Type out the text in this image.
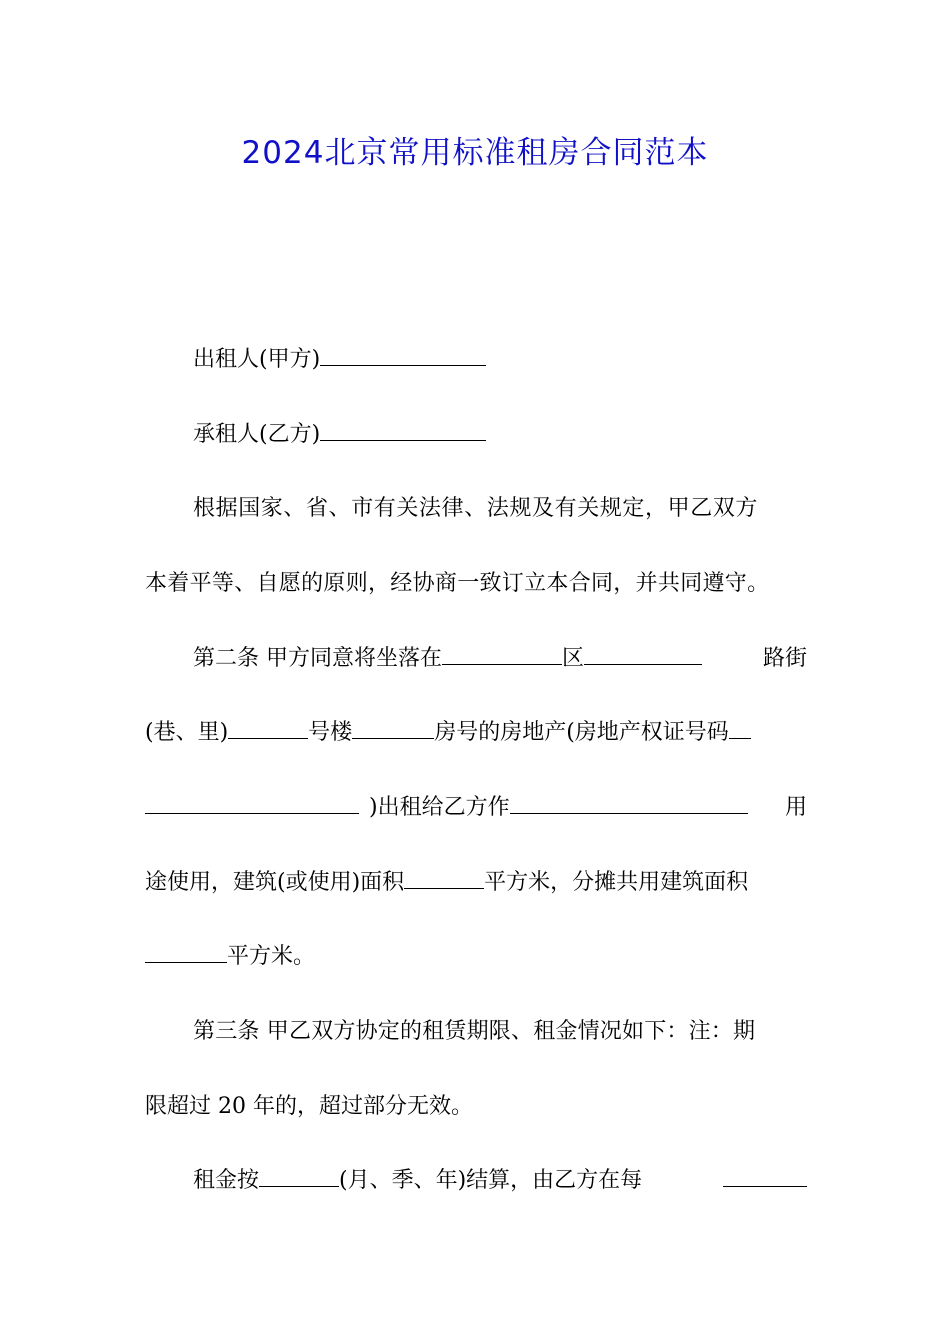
2024北京常用标准租房合同范本
出租人(甲方)
承租人(乙方)
根据国家、省、市有关法律、法规及有关规定，甲乙双方
本着平等、自愿的原则，经协商一致订立本合同，并共同遵守。
第二条 甲方同意将坐落在	区	路街
(巷、里)	号楼	房号的房地产(房地产权证号码
)出租给乙方作	用
途使用，建筑(或使用)面积	平方米，分摊共用建筑面积
平方米。
第三条 甲乙双方协定的租赁期限、租金情况如下：注：期
限超过 20 年的，超过部分无效。
租金按	(月、季、年)结算，由乙方在每
